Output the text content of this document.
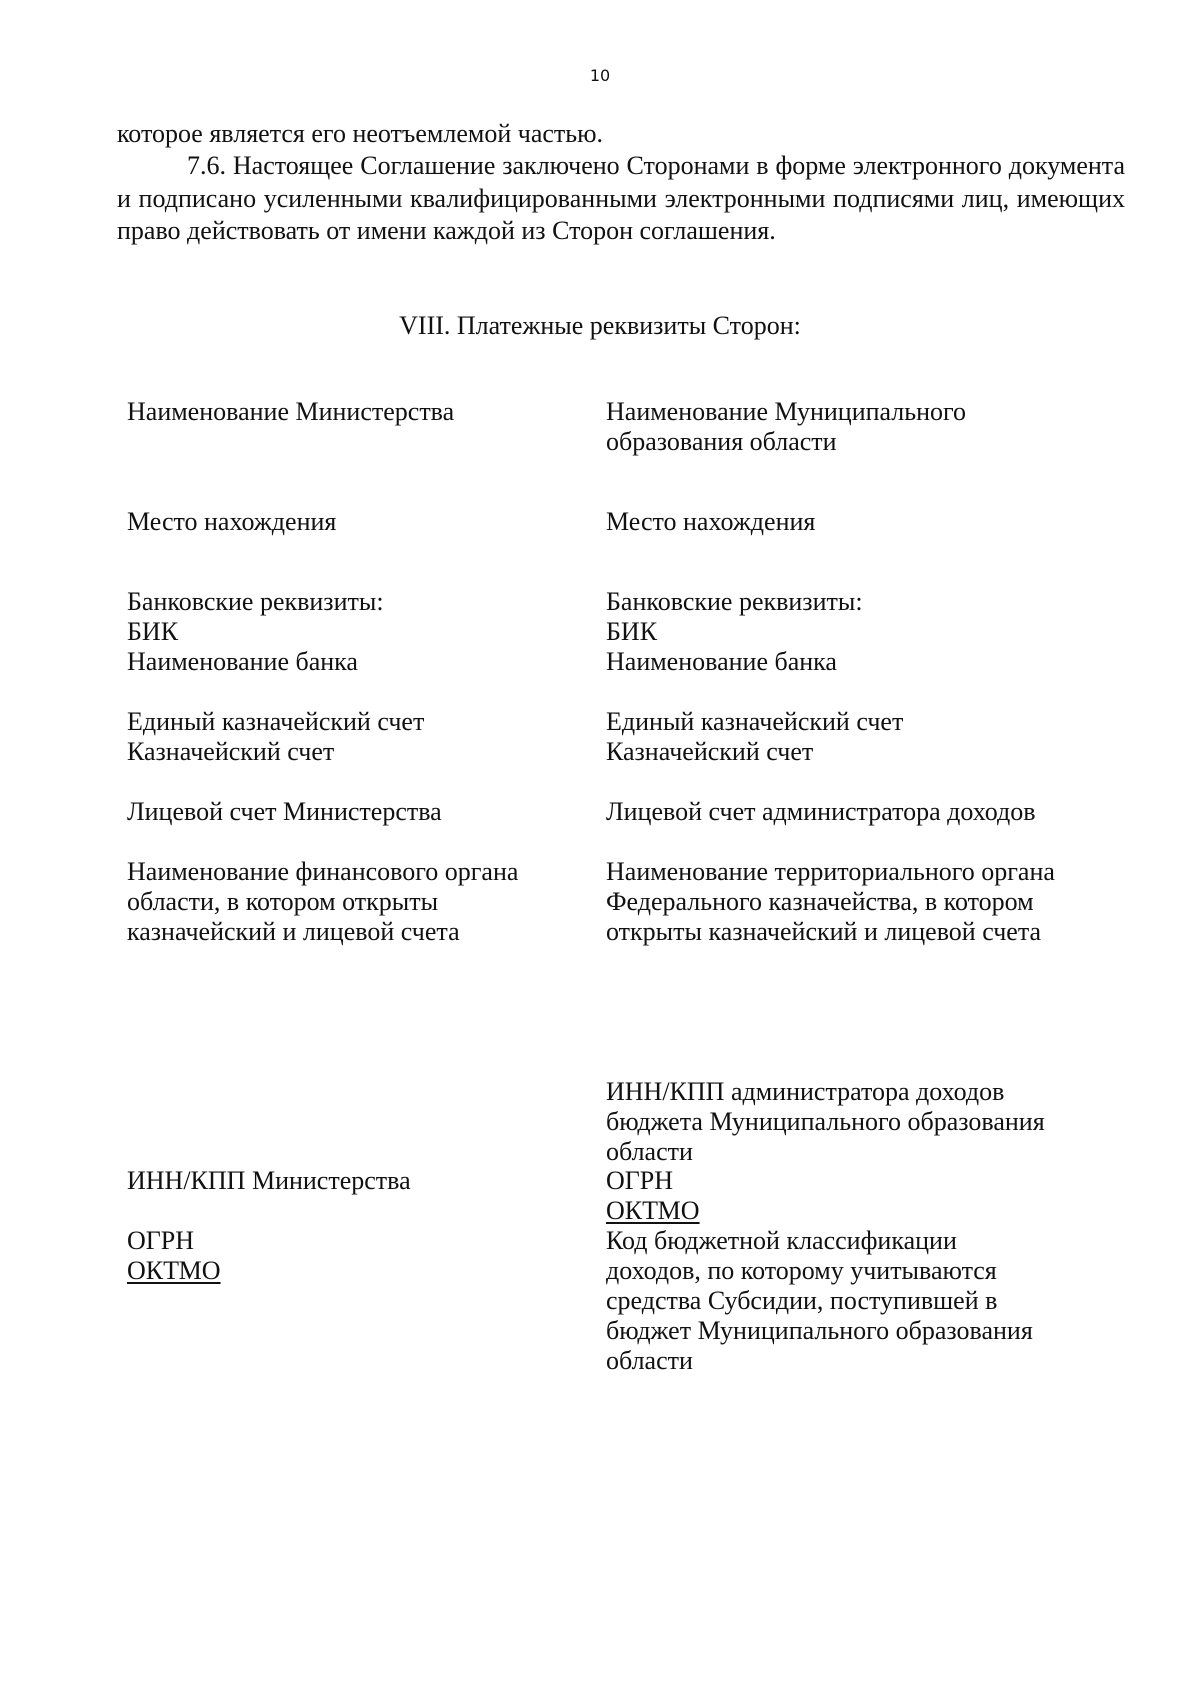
10

которое является его неотъемлемой частью.

7.6. Настоящее Соглашение заключено Сторонами в форме электронного документа и подписано усиленными квалифицированными электронными подписями лиц, имеющих право действовать от имени каждой из Сторон соглашения.

VIII. Платежные реквизиты Сторон:
Наименование Министерства
Место нахождения
Банковские реквизиты:
БИК
Наименование банка
Единый казначейский счет
Казначейский счет
Лицевой счет Министерства
Наименование финансового органа
области, в котором открыты
казначейский и лицевой счета
ИНН/КПП Министерства
ОГРН
ОКТМО
Наименование Муниципального
образования области
Место нахождения
Банковские реквизиты:
БИК
Наименование банка
Единый казначейский счет
Казначейский счет
Лицевой счет администратора доходов
Наименование территориального органа
Федерального казначейства, в котором
открыты казначейский и лицевой счета
ИНН/КПП администратора доходов
бюджета Муниципального образования
области
ОГРН
ОКТМО
Код бюджетной классификации
доходов, по которому учитываются
средства Субсидии, поступившей в
бюджет Муниципального образования
области
